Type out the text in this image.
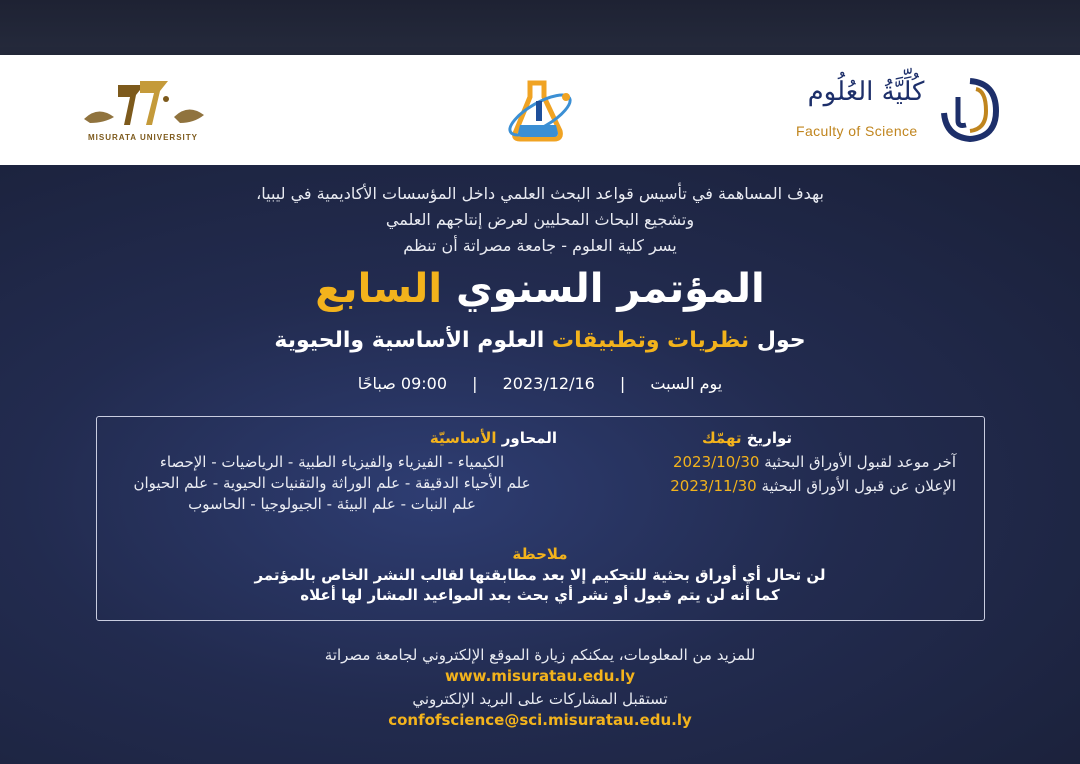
MISURATA UNIVERSITY
كُلِّيَّةُ العُلُوم
Faculty of Science
بهدف المساهمة في تأسيس قواعد البحث العلمي داخل المؤسسات الأكاديمية في ليبيا،
وتشجيع البحاث المحليين لعرض إنتاجهم العلمي
يسر كلية العلوم - جامعة مصراتة أن تنظم
المؤتمر السنوي السابع
حول نظريات وتطبيقات العلوم الأساسية والحيوية
يوم السبت | 2023/12/16 | 09:00 صباحًا
تواريخ تهمّك
آخر موعد لقبول الأوراق البحثية 2023/10/30
الإعلان عن قبول الأوراق البحثية 2023/11/30
المحاور الأساسيّة
الكيمياء - الفيزياء والفيزياء الطبية - الرياضيات - الإحصاء
علم الأحياء الدقيقة - علم الوراثة والتقنيات الحيوية - علم الحيوان
علم النبات - علم البيئة - الجيولوجيا - الحاسوب
ملاحظة
لن تحال أي أوراق بحثية للتحكيم إلا بعد مطابقتها لقالب النشر الخاص بالمؤتمر
كما أنه لن يتم قبول أو نشر أي بحث بعد المواعيد المشار لها أعلاه
للمزيد من المعلومات، يمكنكم زيارة الموقع الإلكتروني لجامعة مصراتة
www.misuratau.edu.ly
تستقبل المشاركات على البريد الإلكتروني
confofscience@sci.misuratau.edu.ly
